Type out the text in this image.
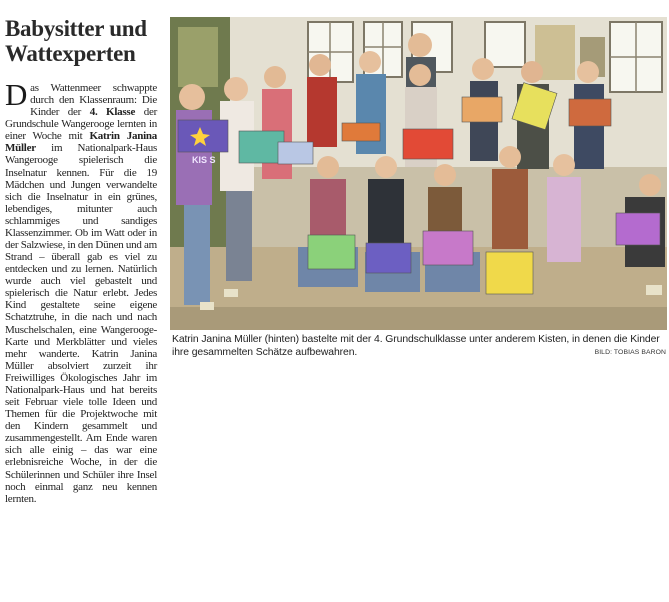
Babysitter und
Wattexperten
Das Wattenmeer schwappte durch den Klassenraum: Die Kinder der 4. Klasse der Grundschule Wangerooge lernten in einer Woche mit Katrin Janina Müller im Nationalpark-Haus Wangerooge spielerisch die Inselnatur kennen. Für die 19 Mädchen und Jungen verwandelte sich die Inselnatur in ein grünes, lebendiges, mitunter auch schlammiges und sandiges Klassenzimmer. Ob im Watt oder in der Salzwiese, in den Dünen und am Strand – überall gab es viel zu entdecken und zu lernen. Natürlich wurde auch viel gebastelt und spielerisch die Natur erlebt. Jedes Kind gestaltete seine eigene Schatztruhe, in die nach und nach Muschelschalen, eine Wangerooge-Karte und Merkblätter und vieles mehr wanderte. Katrin Janina Müller absolviert zurzeit ihr Freiwilliges Ökologisches Jahr im Nationalpark-Haus und hat bereits seit Februar viele tolle Ideen und Themen für die Projektwoche mit den Kindern gesammelt und zusammengestellt. Am Ende waren sich alle einig – das war eine erlebnisreiche Woche, in der die Schülerinnen und Schüler ihre Insel noch einmal ganz neu kennen lernten.
KIS S
Katrin Janina Müller (hinten) bastelte mit der 4. Grundschulklasse unter anderem Kisten, in denen die Kinder ihre gesammelten Schätze aufbewahren.	BILD: TOBIAS BARON
